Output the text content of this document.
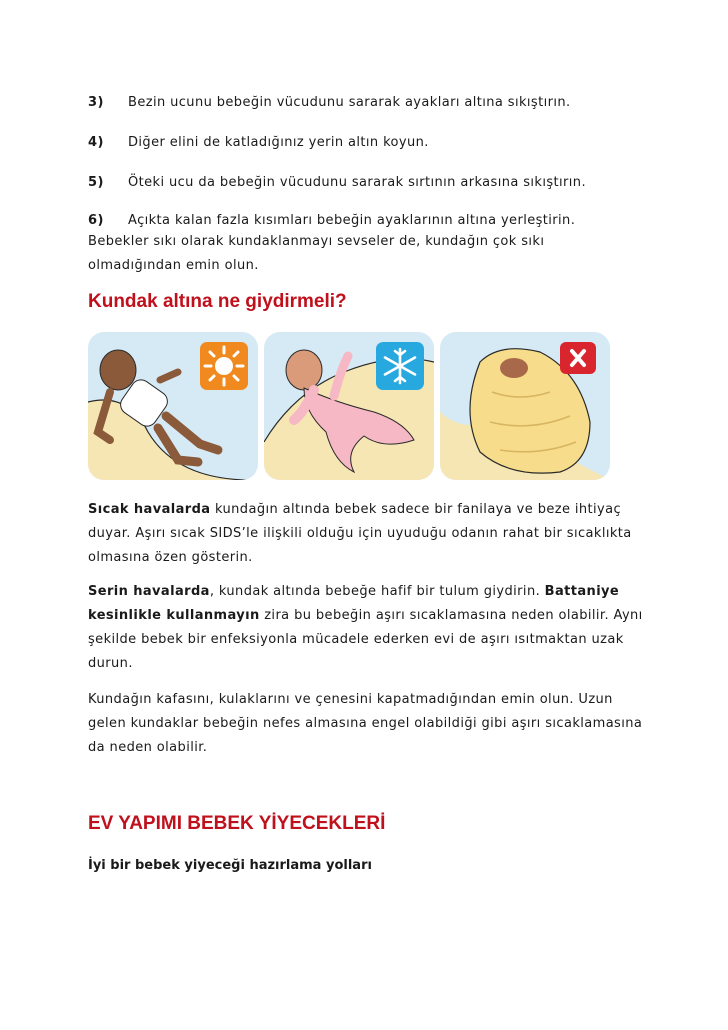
3) Bezin ucunu bebeğin vücudunu sararak ayakları altına sıkıştırın.
4) Diğer elini de katladığınız yerin altın koyun.
5) Öteki ucu da bebeğin vücudunu sararak sırtının arkasına sıkıştırın.
6) Açıkta kalan fazla kısımları bebeğin ayaklarının altına yerleştirin.
Bebekler sıkı olarak kundaklanmayı sevseler de, kundağın çok sıkı olmadığından emin olun.
Kundak altına ne giydirmeli?
Sıcak havalarda kundağın altında bebek sadece bir fanilaya ve beze ihtiyaç duyar. Aşırı sıcak SIDS’le ilişkili olduğu için uyuduğu odanın rahat bir sıcaklıkta olmasına özen gösterin.
Serin havalarda, kundak altında bebeğe hafif bir tulum giydirin. Battaniye kesinlikle kullanmayın zira bu bebeğin aşırı sıcaklamasına neden olabilir. Aynı şekilde bebek bir enfeksiyonla mücadele ederken evi de aşırı ısıtmaktan uzak durun.
Kundağın kafasını, kulaklarını ve çenesini kapatmadığından emin olun. Uzun gelen kundaklar bebeğin nefes almasına engel olabildiği gibi aşırı sıcaklamasına da neden olabilir.
EV YAPIMI BEBEK YİYECEKLERİ
İyi bir bebek yiyeceği hazırlama yolları
